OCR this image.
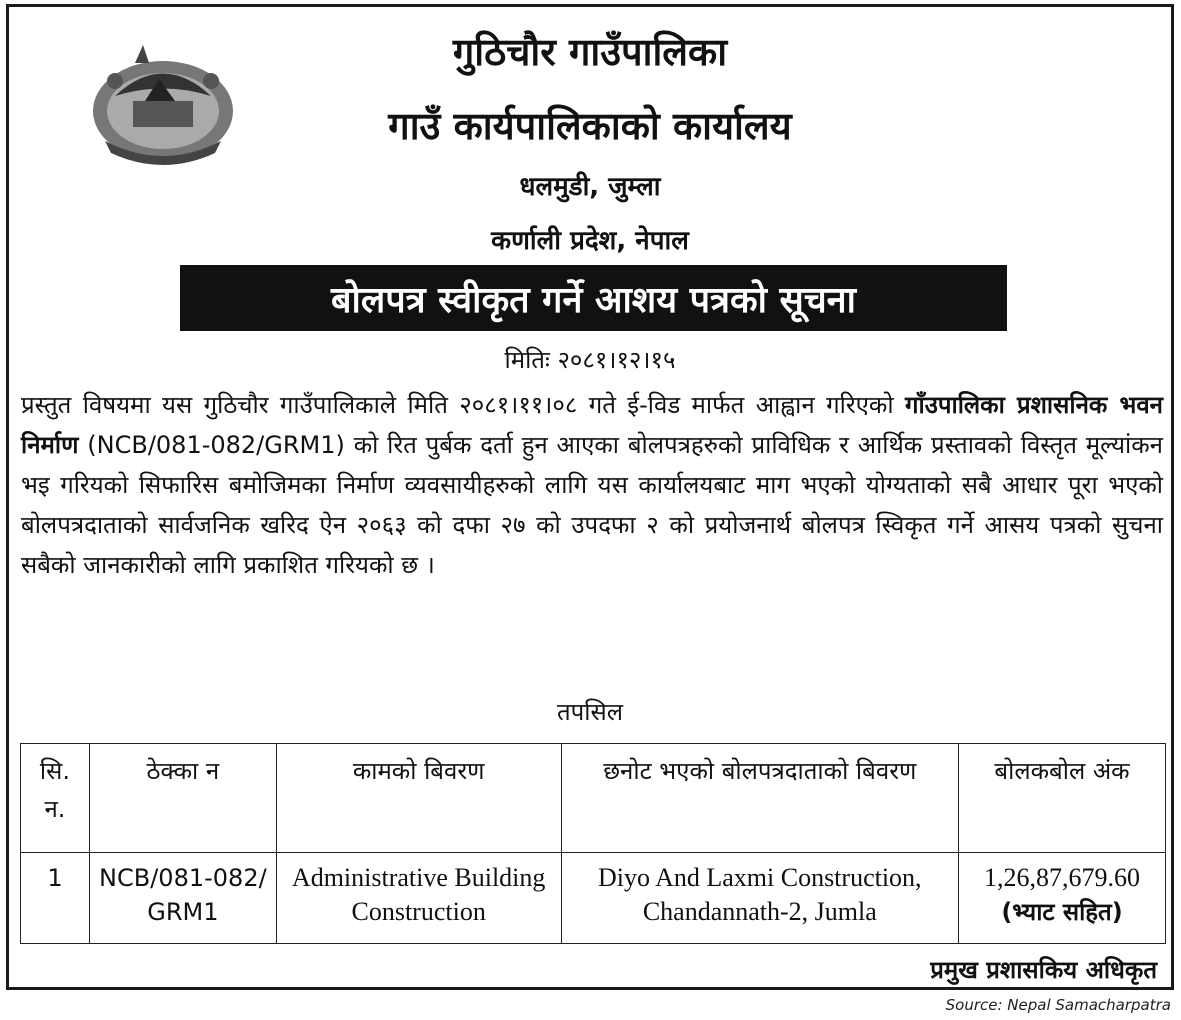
गुठिचौर गाउँपालिका
गाउँ कार्यपालिकाको कार्यालय
धलमुडी, जुम्ला
कर्णाली प्रदेश, नेपाल
बोलपत्र स्वीकृत गर्ने आशय पत्रको सूचना
मितिः २०८१।१२।१५
प्रस्तुत विषयमा यस गुठिचौर गाउँपालिकाले मिति २०८१।११।०८ गते ई-विड मार्फत आह्वान गरिएको गाँउपालिका प्रशासनिक भवन निर्माण (NCB/081-082/GRM1) को रित पुर्बक दर्ता हुन आएका बोलपत्रहरुको प्राविधिक र आर्थिक प्रस्तावको विस्तृत मूल्यांकन भइ गरियको सिफारिस बमोजिमका निर्माण व्यवसायीहरुको लागि यस कार्यालयबाट माग भएको योग्यताको सबै आधार पूरा भएको बोलपत्रदाताको सार्वजनिक खरिद ऐन २०६३ को दफा २७ को उपदफा २ को प्रयोजनार्थ बोलपत्र स्विकृत गर्ने आसय पत्रको सुचना सबैको जानकारीको लागि प्रकाशित गरियको छ ।
तपसिल
सि. न.	ठेक्का न	कामको बिवरण	छनोट भएको बोलपत्रदाताको बिवरण	बोलकबोल अंक
1	NCB/081-082/ GRM1	Administrative Building Construction	Diyo And Laxmi Construction, Chandannath-2, Jumla	1,26,87,679.60
(भ्याट सहित)
प्रमुख प्रशासकिय अधिकृत
Source: Nepal Samacharpatra
